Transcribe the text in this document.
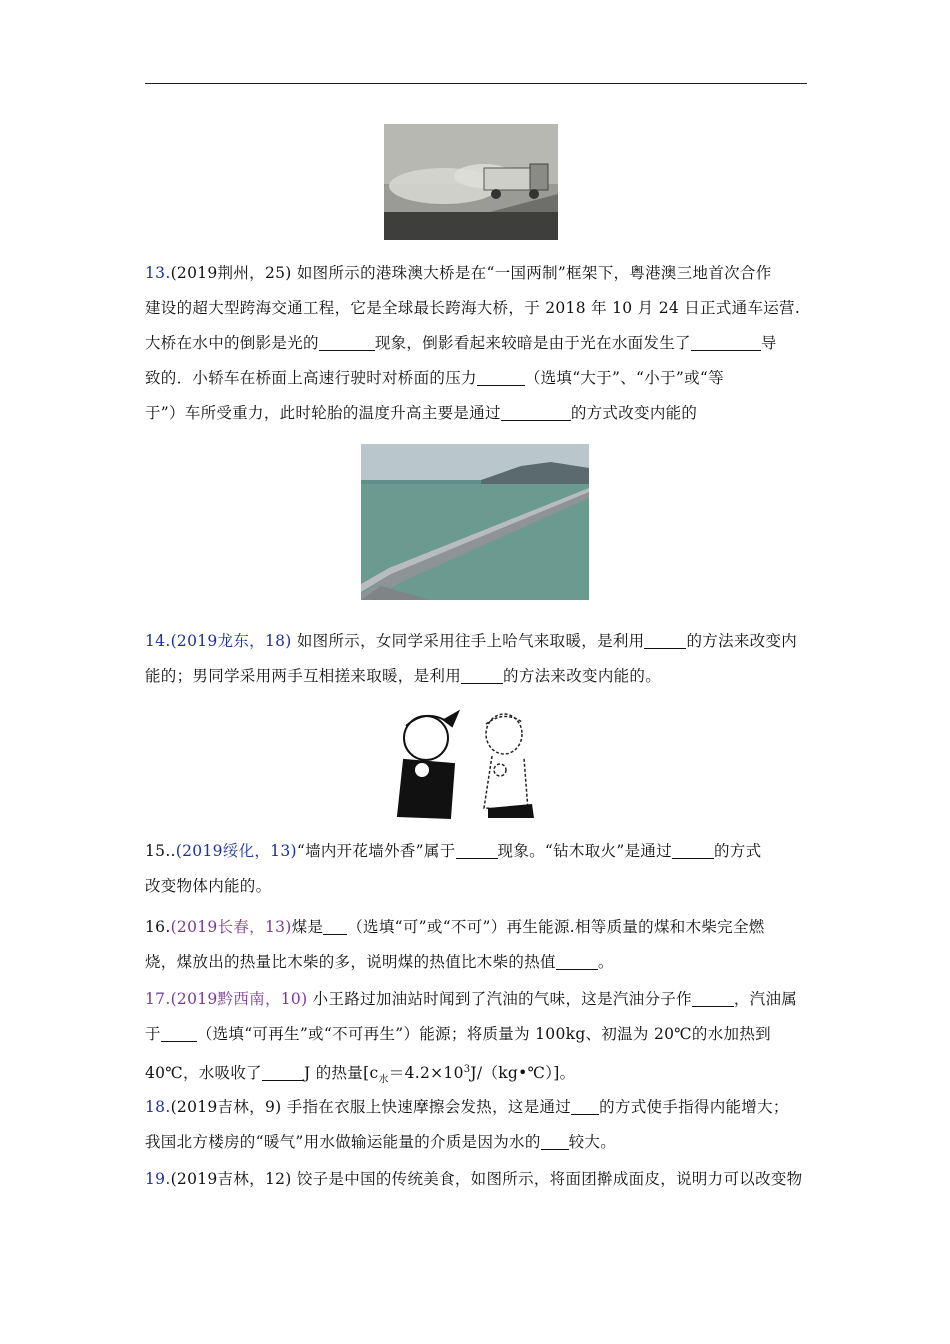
13.(2019荆州，25) 如图所示的港珠澳大桥是在“一国两制”框架下，粤港澳三地首次合作
建设的超大型跨海交通工程，它是全球最长跨海大桥，于 2018 年 10 月 24 日正式通车运营.
大桥在水中的倒影是光的	现象，倒影看起来较暗是由于光在水面发生了	导
致的．小轿车在桥面上高速行驶时对桥面的压力	（选填“大于”、“小于”或“等
于”）车所受重力，此时轮胎的温度升高主要是通过	的方式改变内能的
14.(2019龙东，18) 如图所示，女同学采用往手上哈气来取暖，是利用	的方法来改变内
能的；男同学采用两手互相搓来取暖，是利用	的方法来改变内能的。
15..(2019绥化，13)“墙内开花墙外香”属于	现象。“钻木取火”是通过	的方式
改变物体内能的。
16.(2019长春，13)煤是 （选填“可”或“不可”）再生能源.相等质量的煤和木柴完全燃
烧，煤放出的热量比木柴的多，说明煤的热值比木柴的热值	。
17.(2019黔西南，10) 小王路过加油站时闻到了汽油的气味，这是汽油分子作	，汽油属
于 （选填“可再生”或“不可再生”）能源；将质量为 100kg、初温为 20℃的水加热到
40℃，水吸收了	J 的热量$[c_水=4.2\times 10^3J/(kg•℃)]$。
18.(2019吉林，9) 手指在衣服上快速摩擦会发热，这是通过 的方式使手指得内能增大；
我国北方楼房的“暖气”用水做输运能量的介质是因为水的 较大。
19.(2019吉林，12) 饺子是中国的传统美食，如图所示，将面团擀成面皮，说明力可以改变物
